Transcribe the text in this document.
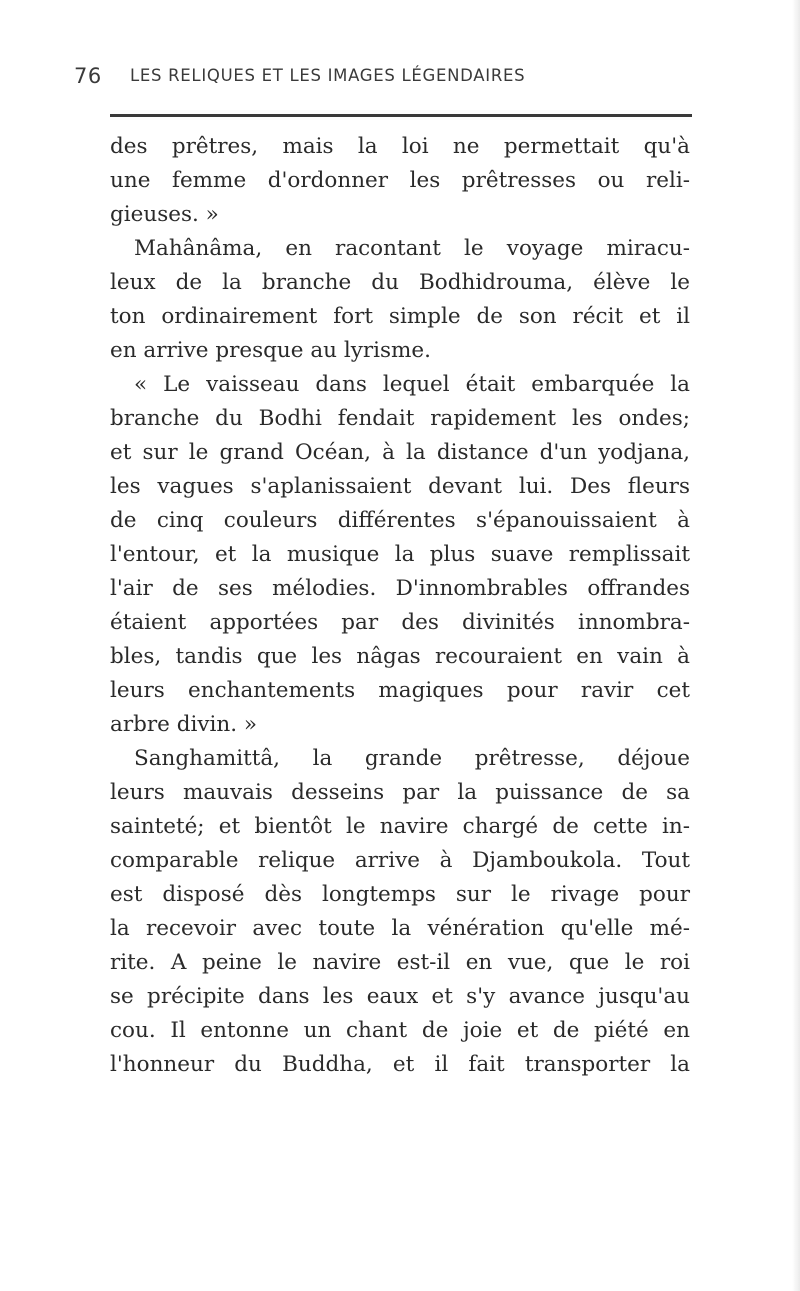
76 LES RELIQUES ET LES IMAGES LÉGENDAIRES
des prêtres, mais la loi ne permettait qu'à
une femme d'ordonner les prêtresses ou reli-
gieuses. »
Mahânâma, en racontant le voyage miracu-
leux de la branche du Bodhidrouma, élève le
ton ordinairement fort simple de son récit et il
en arrive presque au lyrisme.
« Le vaisseau dans lequel était embarquée la
branche du Bodhi fendait rapidement les ondes;
et sur le grand Océan, à la distance d'un yodjana,
les vagues s'aplanissaient devant lui. Des fleurs
de cinq couleurs différentes s'épanouissaient à
l'entour, et la musique la plus suave remplissait
l'air de ses mélodies. D'innombrables offrandes
étaient apportées par des divinités innombra-
bles, tandis que les nâgas recouraient en vain à
leurs enchantements magiques pour ravir cet
arbre divin. »
Sanghamittâ, la grande prêtresse, déjoue
leurs mauvais desseins par la puissance de sa
sainteté; et bientôt le navire chargé de cette in-
comparable relique arrive à Djamboukola. Tout
est disposé dès longtemps sur le rivage pour
la recevoir avec toute la vénération qu'elle mé-
rite. A peine le navire est-il en vue, que le roi
se précipite dans les eaux et s'y avance jusqu'au
cou. Il entonne un chant de joie et de piété en
l'honneur du Buddha, et il fait transporter la
